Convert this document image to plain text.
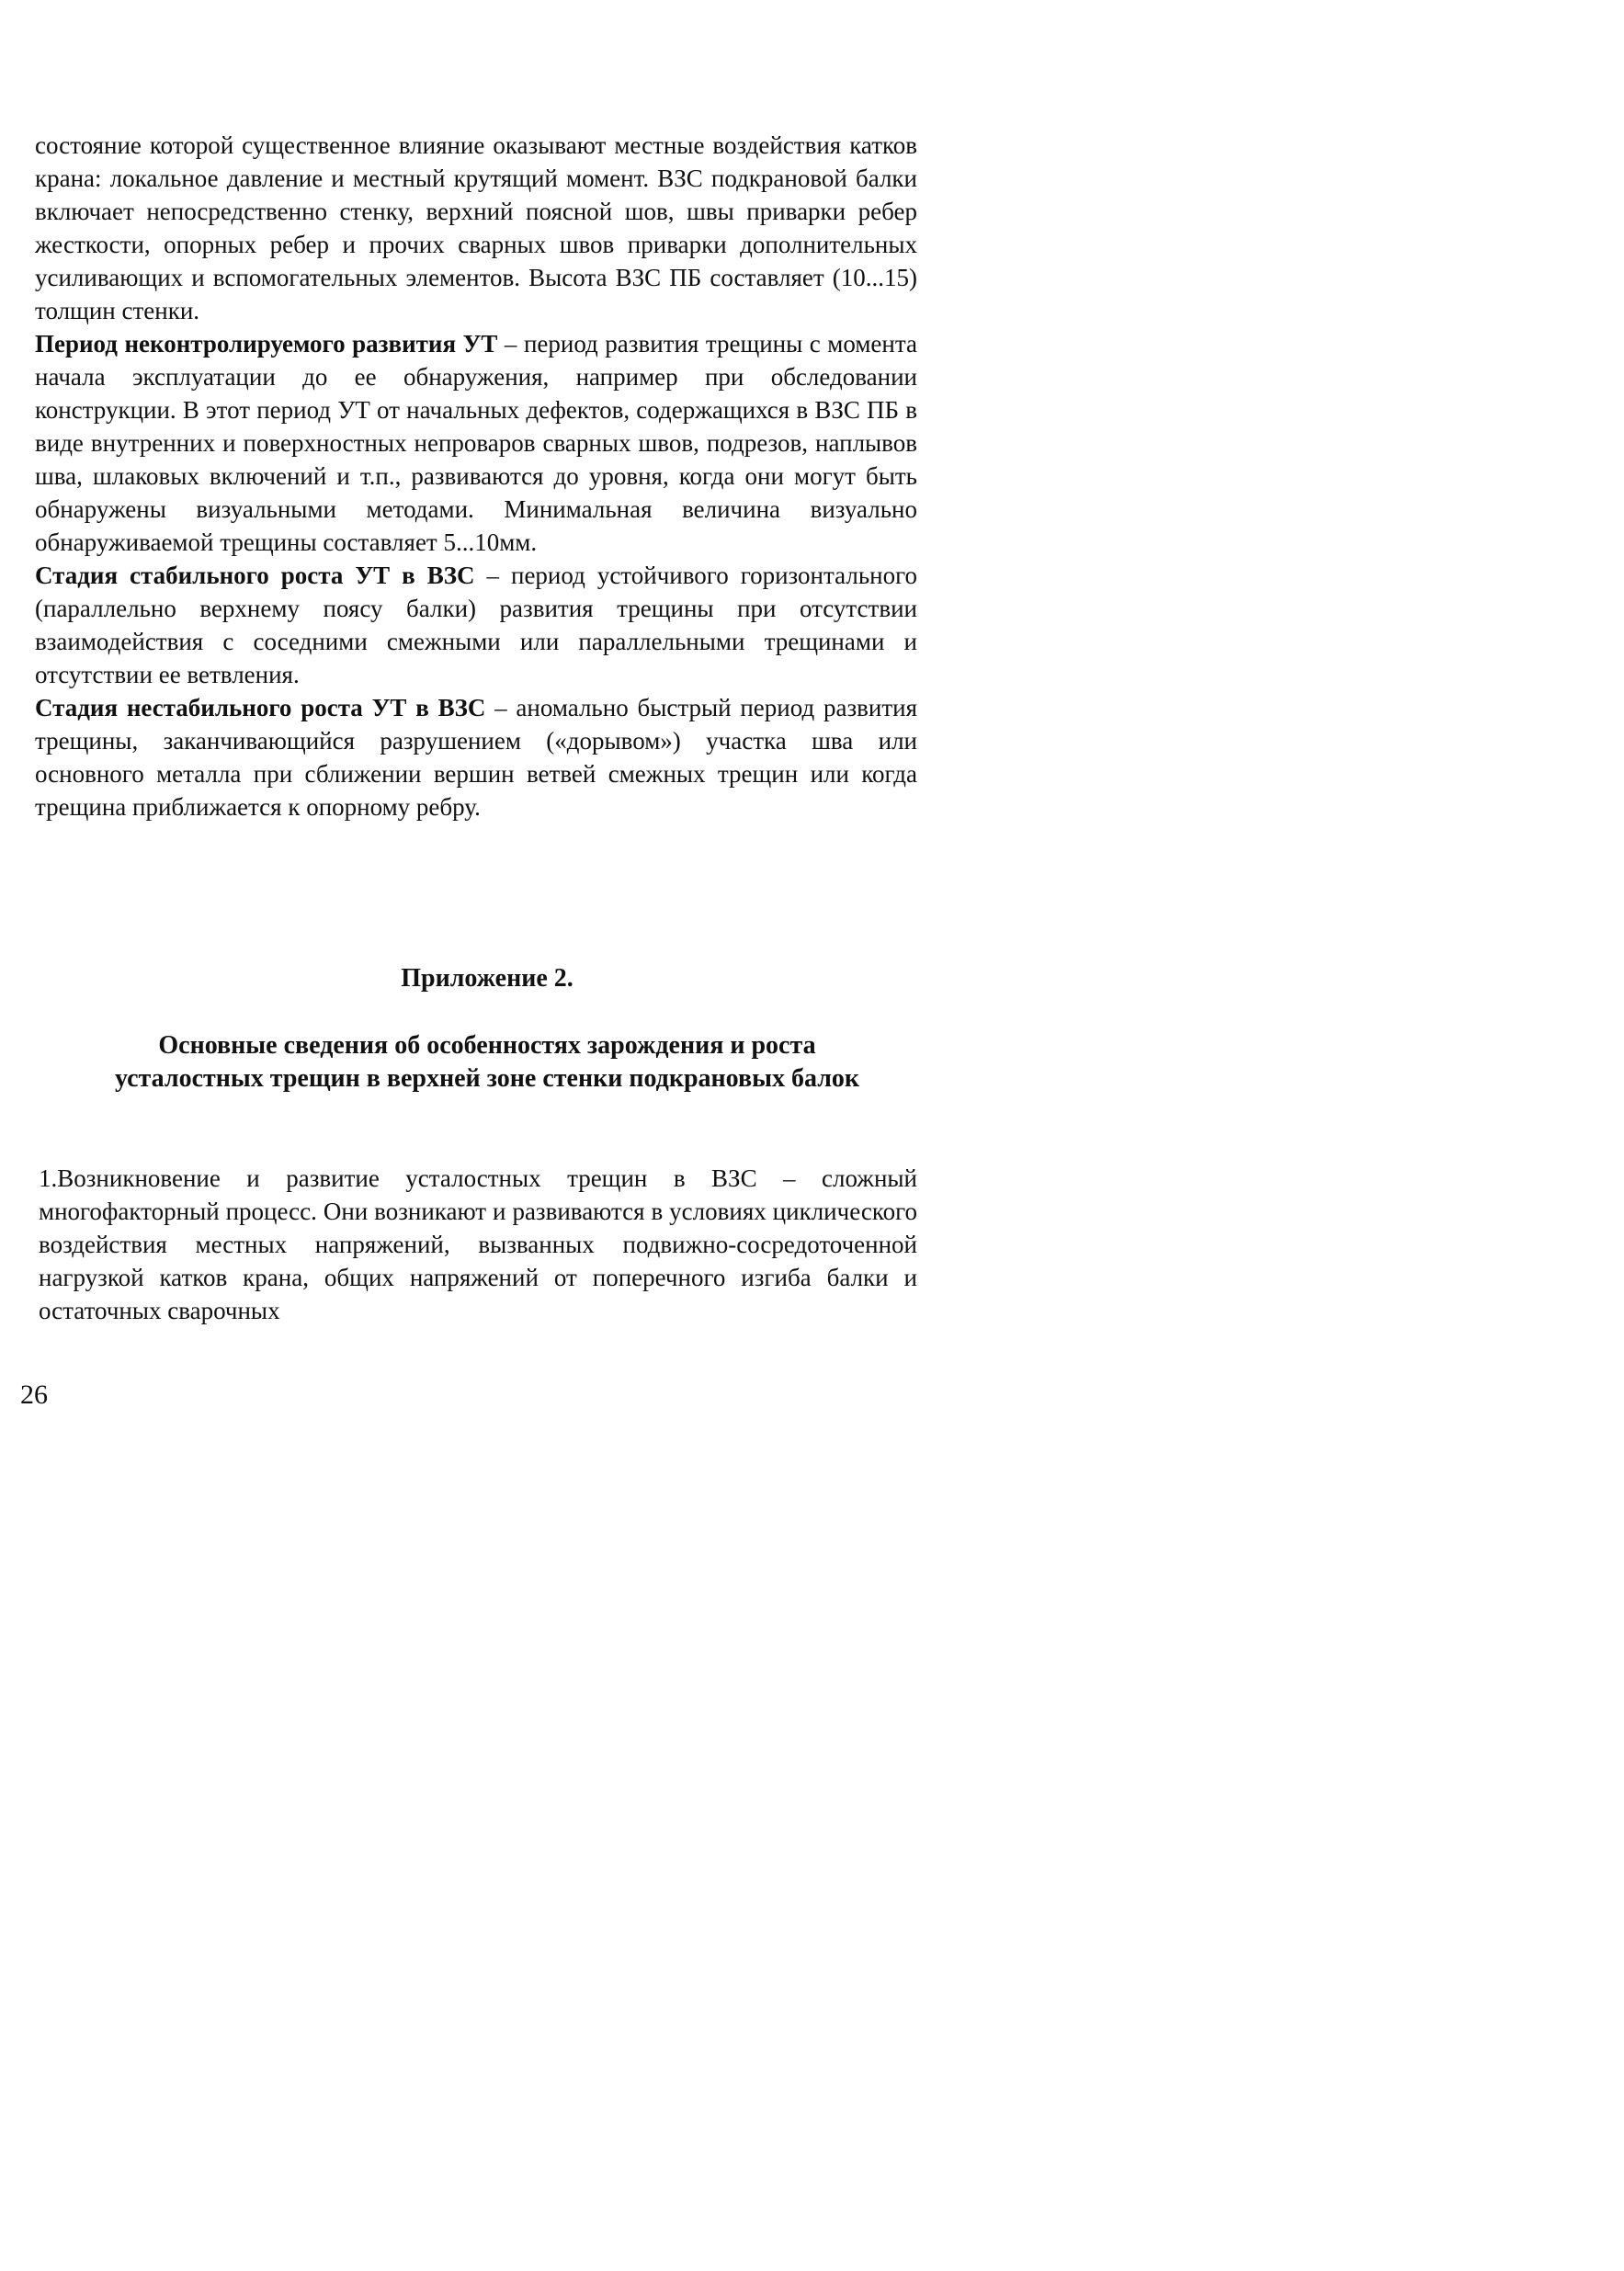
состояние которой существенное влияние оказывают местные воздействия катков крана: локальное давление и местный крутящий момент. ВЗС подкрановой балки включает непосредственно стенку, верхний поясной шов, швы приварки ребер жесткости, опорных ребер и прочих сварных швов приварки дополнительных усиливающих и вспомогательных элементов. Высота ВЗС ПБ составляет (10...15) толщин стенки.

Период неконтролируемого развития УТ – период развития трещины с момента начала эксплуатации до ее обнаружения, например при обследовании конструкции. В этот период УТ от начальных дефектов, содержащихся в ВЗС ПБ в виде внутренних и поверхностных непроваров сварных швов, подрезов, наплывов шва, шлаковых включений и т.п., развиваются до уровня, когда они могут быть обнаружены визуальными методами. Минимальная величина визуально обнаруживаемой трещины составляет 5...10мм.

Стадия стабильного роста УТ в ВЗС – период устойчивого горизонтального (параллельно верхнему поясу балки) развития трещины при отсутствии взаимодействия с соседними смежными или параллельными трещинами и отсутствии ее ветвления.

Стадия нестабильного роста УТ в ВЗС – аномально быстрый период развития трещины, заканчивающийся разрушением («дорывом») участка шва или основного металла при сближении вершин ветвей смежных трещин или когда трещина приближается к опорному ребру.

Приложение 2.
Основные сведения об особенностях зарождения и роста
усталостных трещин в верхней зоне стенки подкрановых балок

1.Возникновение и развитие усталостных трещин в ВЗС – сложный многофакторный процесс. Они возникают и развиваются в условиях циклического воздействия местных напряжений, вызванных подвижно-сосредоточенной нагрузкой катков крана, общих напряжений от поперечного изгиба балки и остаточных сварочных

26
